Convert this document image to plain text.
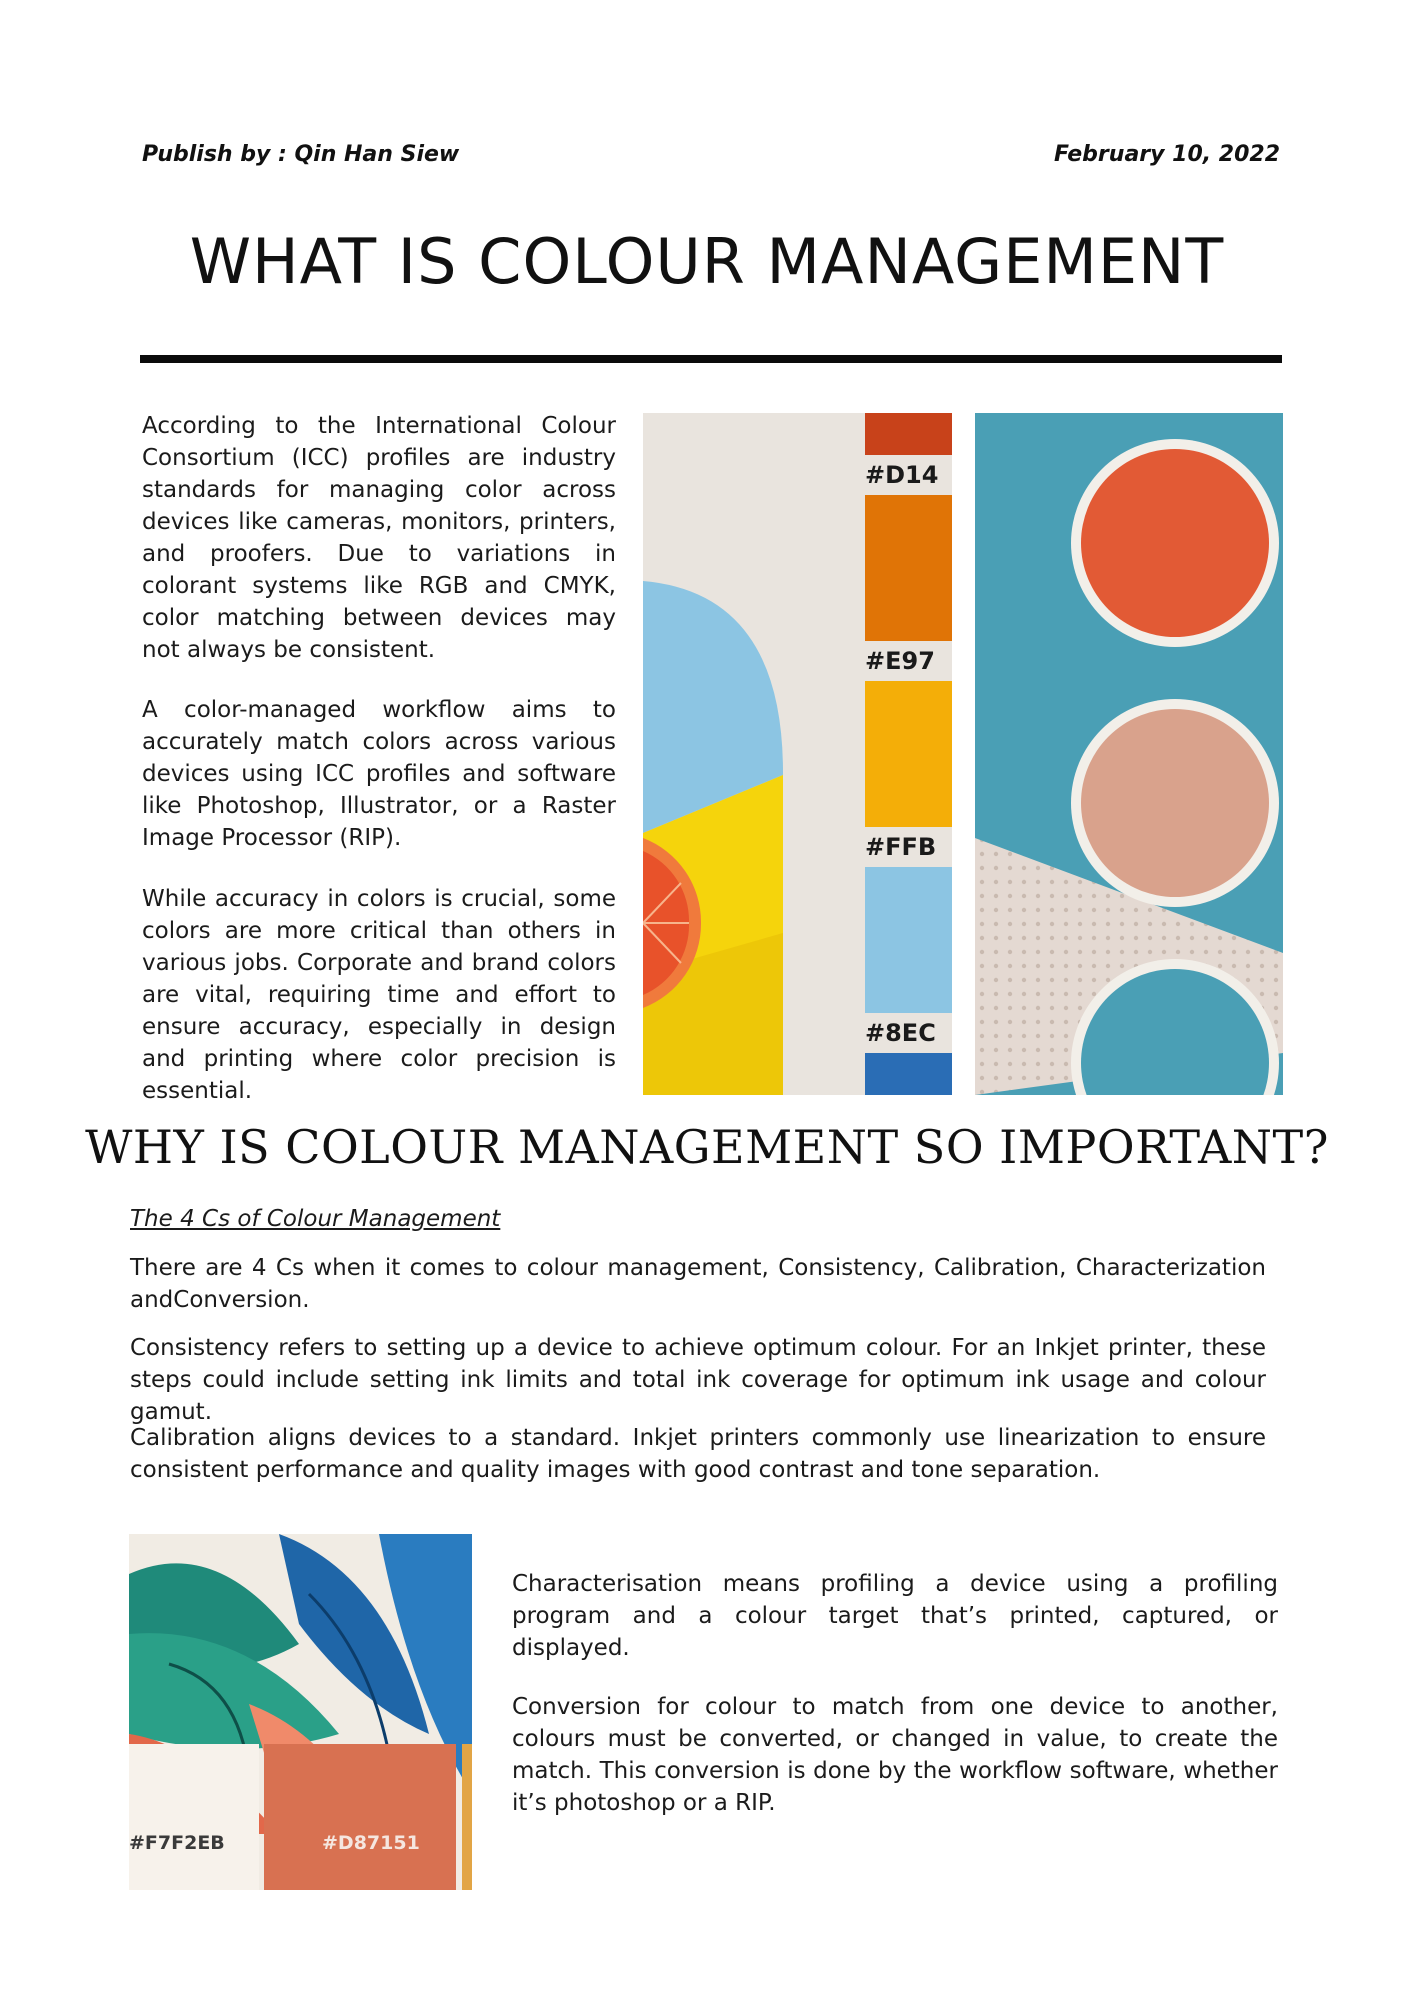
Publish by : Qin Han Siew	February 10, 2022
WHAT IS COLOUR MANAGEMENT

According to the International Colour Consortium (ICC) profiles are industry standards for managing color across devices like cameras, monitors, printers, and proofers. Due to variations in colorant systems like RGB and CMYK, color matching between devices may not always be consistent.

A color-managed workflow aims to accurately match colors across various devices using ICC profiles and software like Photoshop, Illustrator, or a Raster Image Processor (RIP).

While accuracy in colors is crucial, some colors are more critical than others in various jobs. Corporate and brand colors are vital, requiring time and effort to ensure accuracy, especially in design and printing where color precision is essential.

#D14
#E97
#FFB
#8EC
WHY IS COLOUR MANAGEMENT SO IMPORTANT?
The 4 Cs of Colour Management

There are 4 Cs when it comes to colour management, Consistency, Calibration, Characterization andConversion.

Consistency refers to setting up a device to achieve optimum colour. For an Inkjet printer, these steps could include setting ink limits and total ink coverage for optimum ink usage and colour gamut.

Calibration aligns devices to a standard. Inkjet printers commonly use linearization to ensure consistent performance and quality images with good contrast and tone separation.

#F7F2EB	#D87151

Characterisation means profiling a device using a profiling program and a colour target that’s printed, captured, or displayed.

Conversion for colour to match from one device to another, colours must be converted, or changed in value, to create the match. This conversion is done by the workflow software, whether it’s photoshop or a RIP.
